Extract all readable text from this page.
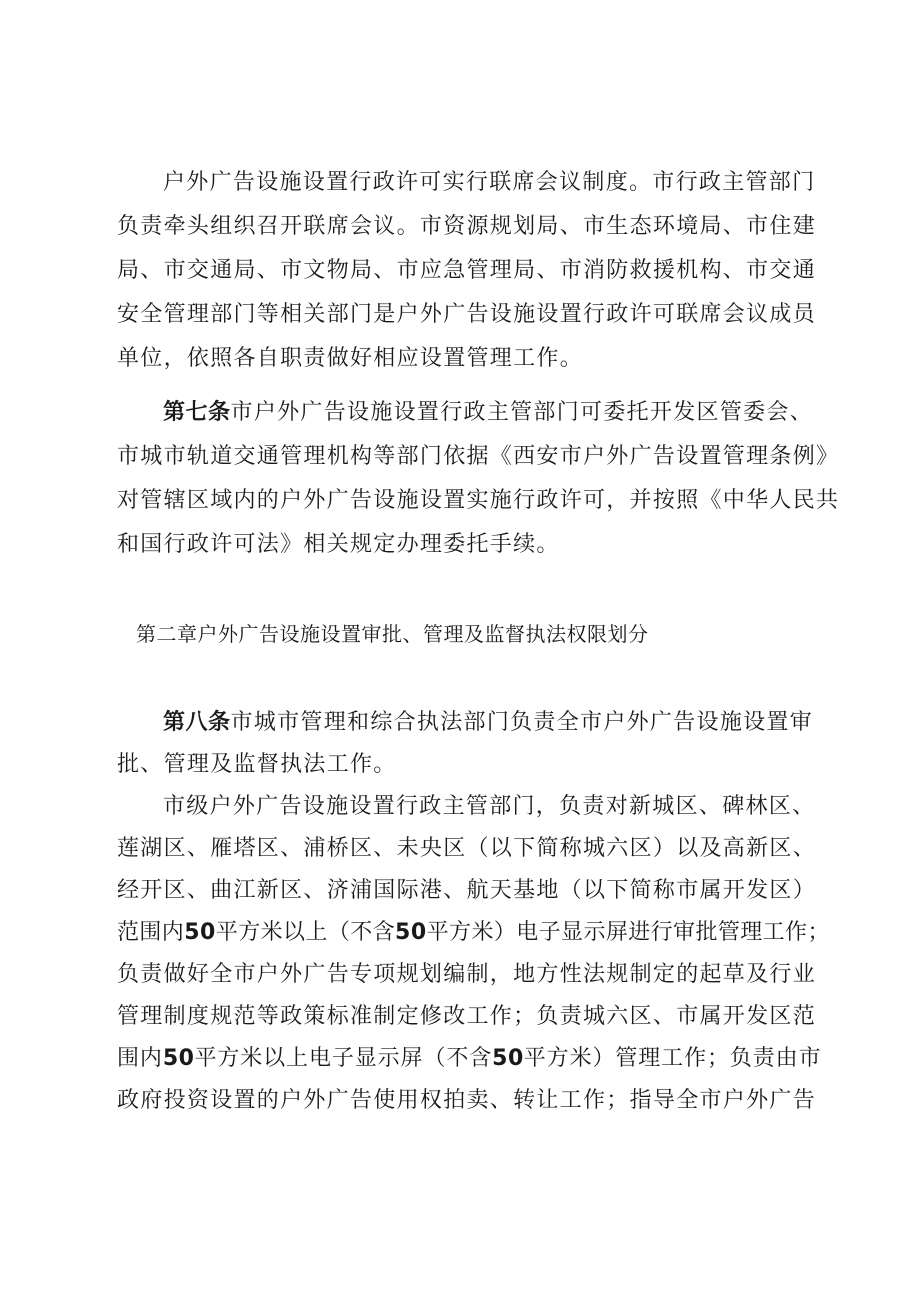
户外广告设施设置行政许可实行联席会议制度。市行政主管部门
负责牵头组织召开联席会议。市资源规划局、市生态环境局、市住建
局、市交通局、市文物局、市应急管理局、市消防救援机构、市交通
安全管理部门等相关部门是户外广告设施设置行政许可联席会议成员
单位，依照各自职责做好相应设置管理工作。
第七条市户外广告设施设置行政主管部门可委托开发区管委会、
市城市轨道交通管理机构等部门依据《西安市户外广告设置管理条例》
对管辖区域内的户外广告设施设置实施行政许可，并按照《中华人民共
和国行政许可法》相关规定办理委托手续。
第二章户外广告设施设置审批、管理及监督执法权限划分
第八条市城市管理和综合执法部门负责全市户外广告设施设置审
批、管理及监督执法工作。
市级户外广告设施设置行政主管部门，负责对新城区、碑林区、
莲湖区、雁塔区、浦桥区、未央区（以下简称城六区）以及高新区、
经开区、曲江新区、济浦国际港、航天基地（以下简称市属开发区）
范围内50平方米以上（不含50平方米）电子显示屏进行审批管理工作；
负责做好全市户外广告专项规划编制，地方性法规制定的起草及行业
管理制度规范等政策标准制定修改工作；负责城六区、市属开发区范
围内50平方米以上电子显示屏（不含50平方米）管理工作；负责由市
政府投资设置的户外广告使用权拍卖、转让工作；指导全市户外广告
